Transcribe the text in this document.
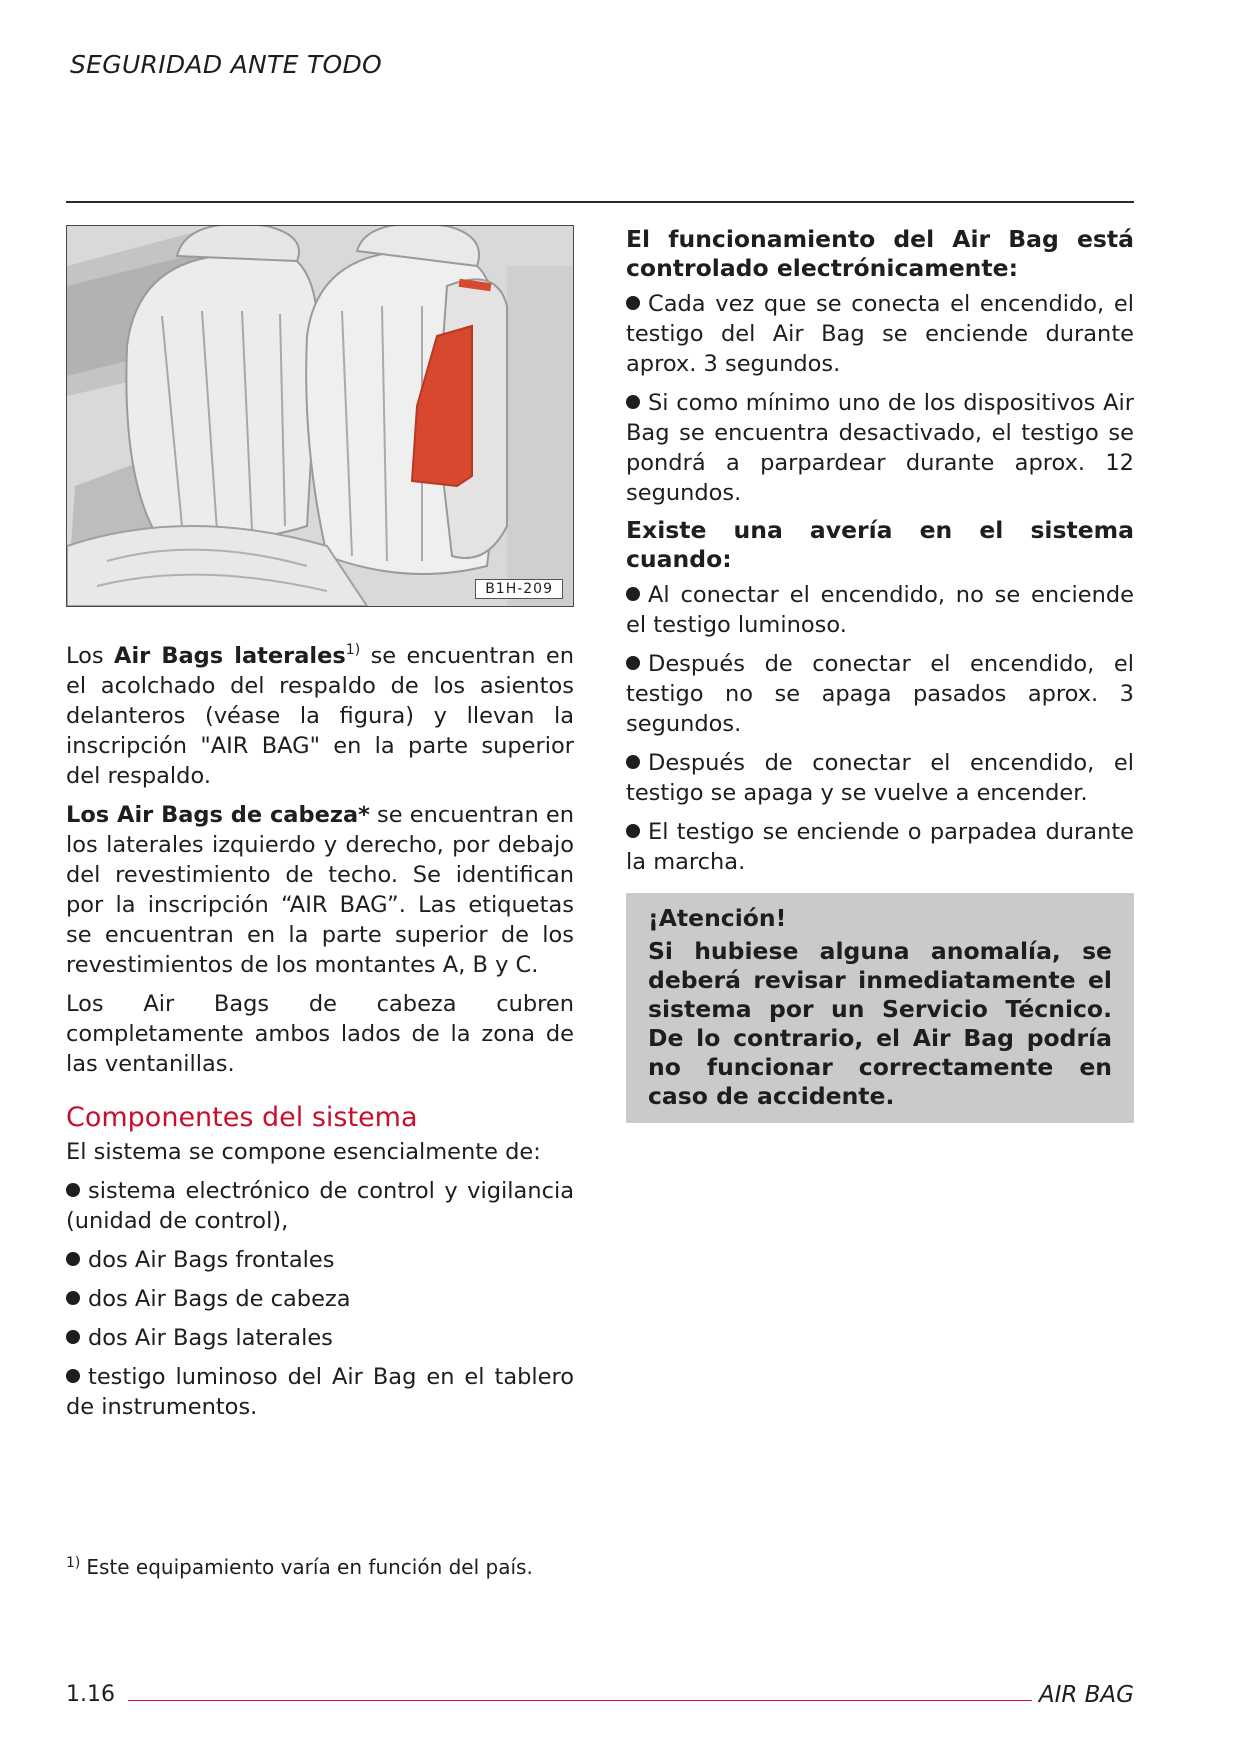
SEGURIDAD ANTE TODO
B1H-209

Los Air Bags laterales$^{1)}$ se encuentran en el acolchado del respaldo de los asientos delanteros (véase la figura) y llevan la inscripción "AIR BAG" en la parte superior del respaldo.

Los Air Bags de cabeza* se encuentran en los laterales izquierdo y derecho, por debajo del revestimiento de techo. Se identifican por la inscripción “AIR BAG”. Las etiquetas se encuentran en la parte superior de los revestimientos de los montantes A, B y C.

Los Air Bags de cabeza cubren completamente ambos lados de la zona de las ventanillas.

Componentes del sistema

El sistema se compone esencialmente de:

sistema electrónico de control y vigilancia (unidad de control),

dos Air Bags frontales

dos Air Bags de cabeza

dos Air Bags laterales

testigo luminoso del Air Bag en el tablero de instrumentos.

El funcionamiento del Air Bag está controlado electrónicamente:

Cada vez que se conecta el encendido, el testigo del Air Bag se enciende durante aprox. 3 segundos.

Si como mínimo uno de los dispositivos Air Bag se encuentra desactivado, el testigo se pondrá a parpardear durante aprox. 12 segundos.

Existe una avería en el sistema cuando:

Al conectar el encendido, no se enciende el testigo luminoso.

Después de conectar el encendido, el testigo no se apaga pasados aprox. 3 segundos.

Después de conectar el encendido, el testigo se apaga y se vuelve a encender.

El testigo se enciende o parpadea durante la marcha.

¡Atención!
Si hubiese alguna anomalía, se deberá revisar inmediatamente el sistema por un Servicio Técnico. De lo contrario, el Air Bag podría no funcionar correctamente en caso de accidente.
$^{1)}$ Este equipamiento varía en función del país.
1.16	AIR BAG
